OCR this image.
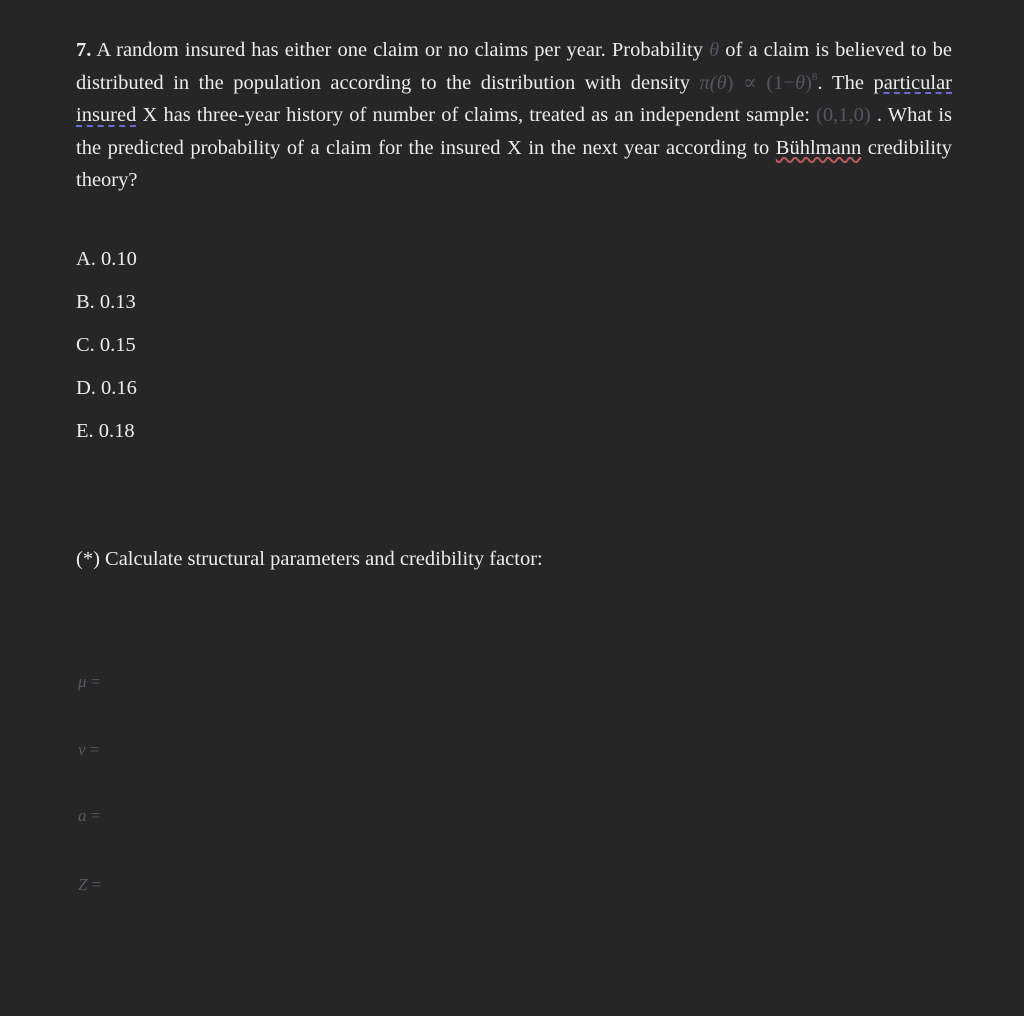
7. A random insured has either one claim or no claims per year. Probability θ of a claim is believed to be distributed in the population according to the distribution with density $\pi(\theta) \propto (1-\theta)^8$. The particular insured X has three-year history of number of claims, treated as an independent sample: (0,1,0) . What is the predicted probability of a claim for the insured X in the next year according to Bühlmann credibility theory?
A. 0.10
B. 0.13
C. 0.15
D. 0.16
E. 0.18
(*) Calculate structural parameters and credibility factor:
μ =
v =
a =
Z =
